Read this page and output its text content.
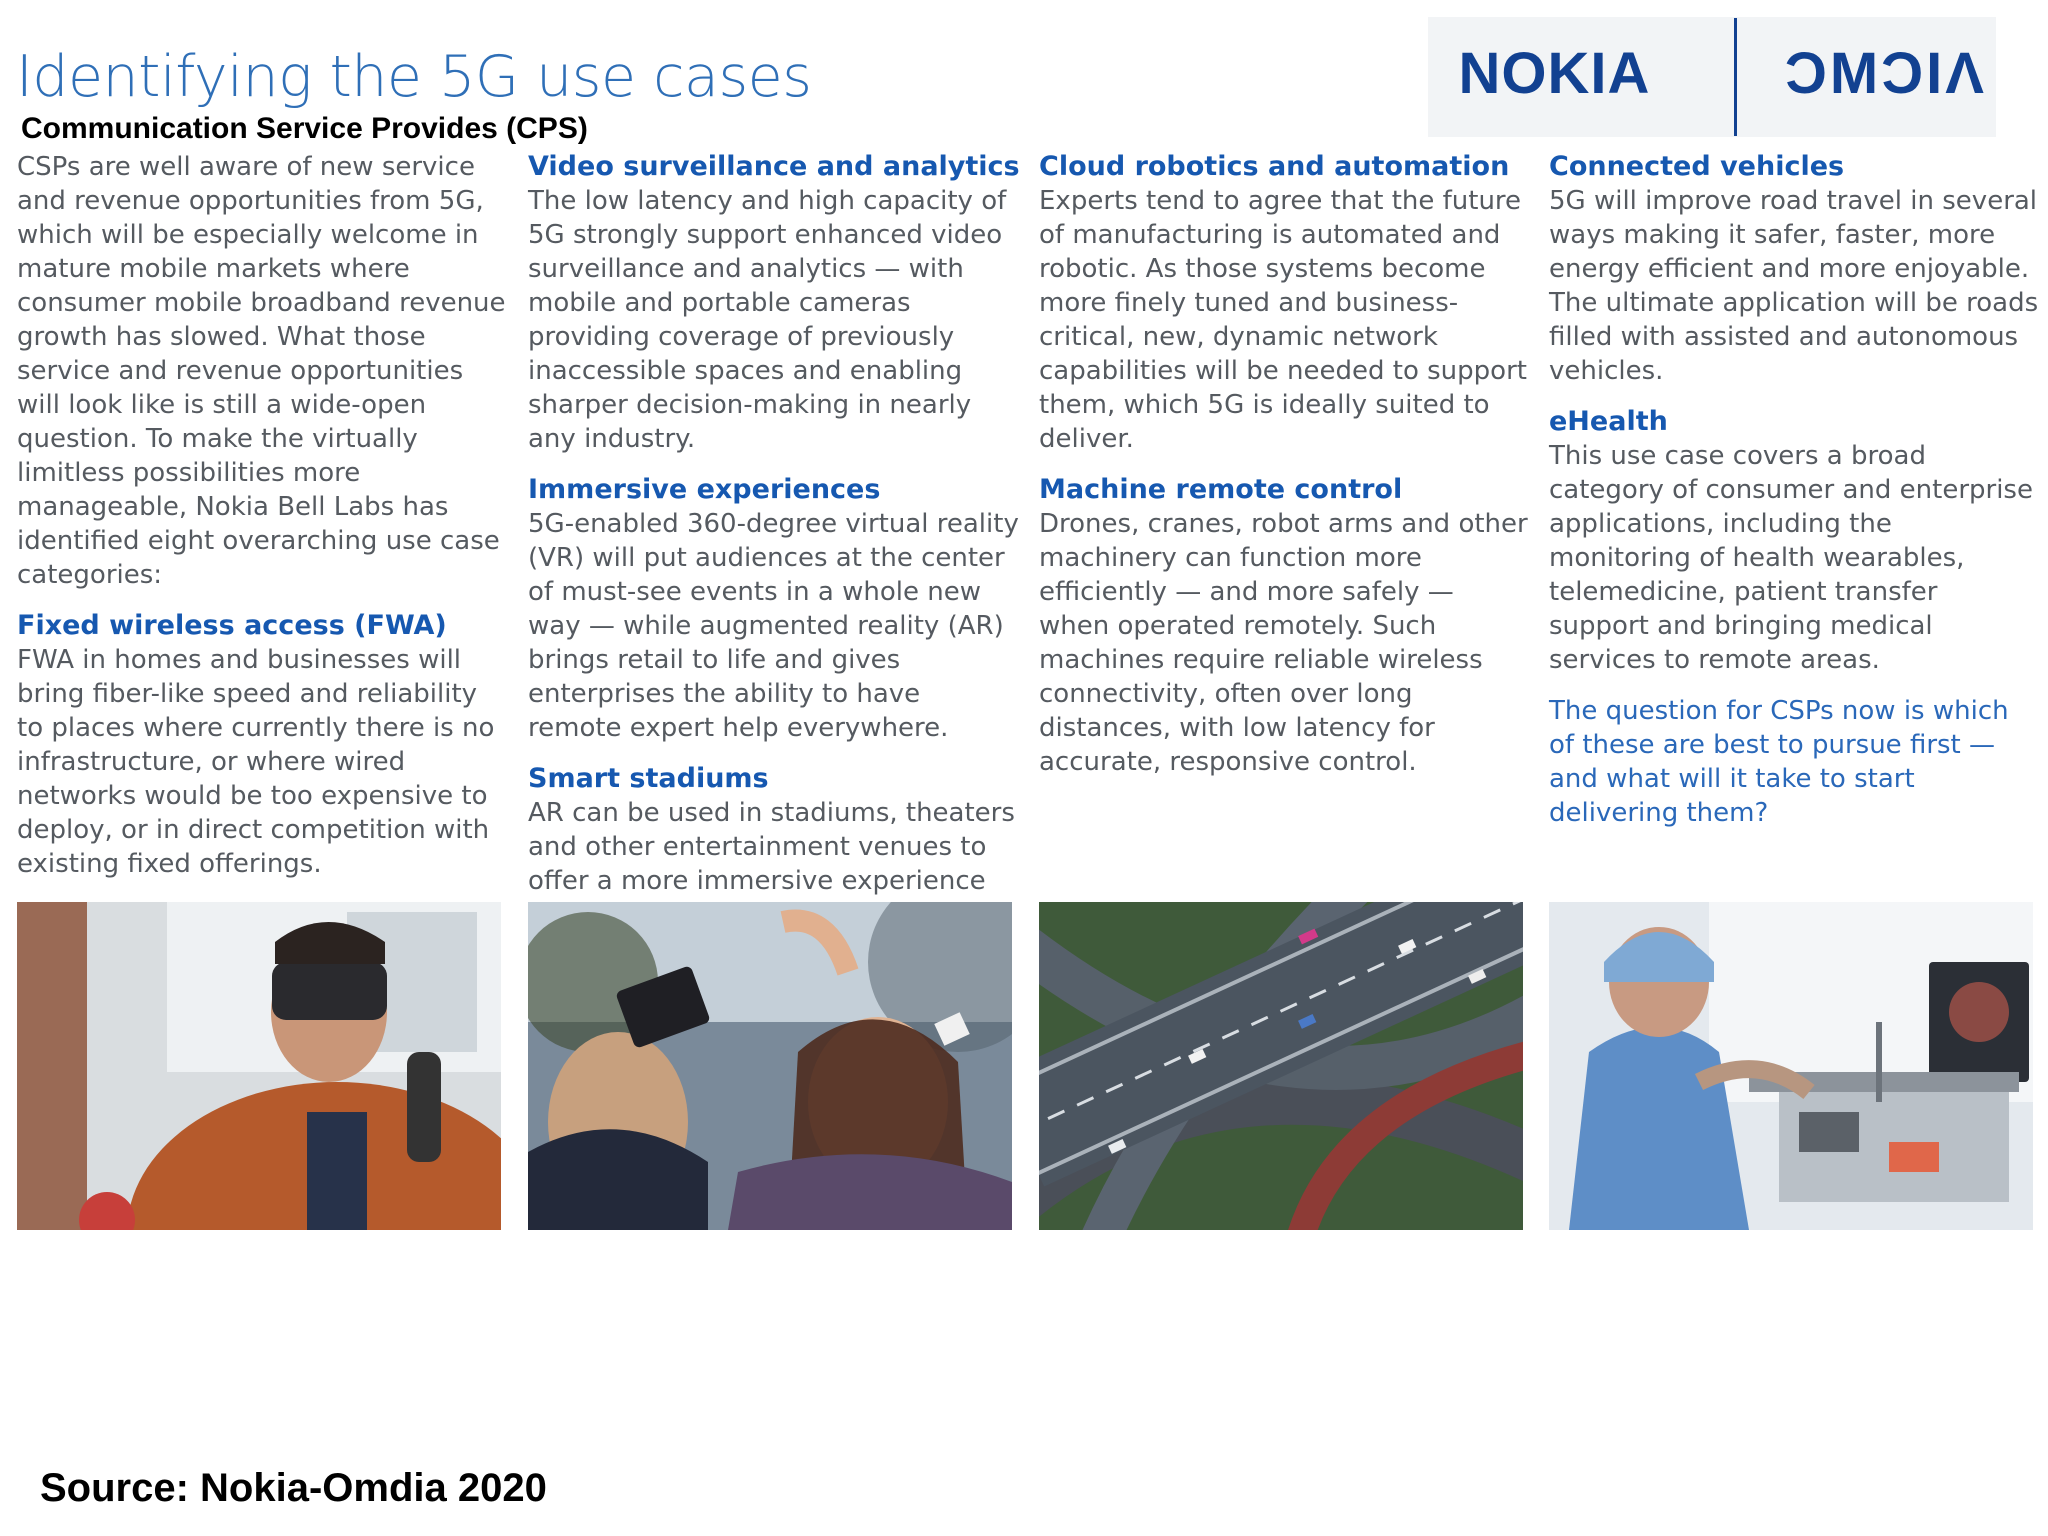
Identifying the 5G use cases
Communication Service Provides (CPS)
NOKIA	ƆMƆIΛ

CSPs are well aware of new service and revenue opportunities from 5G, which will be especially welcome in mature mobile markets where consumer mobile broadband revenue growth has slowed. What those service and revenue opportunities will look like is still a wide-open question. To make the virtually limitless possibilities more manageable, Nokia Bell Labs has identified eight overarching use case categories:

Fixed wireless access (FWA)

FWA in homes and businesses will bring fiber-like speed and reliability to places where currently there is no infrastructure, or where wired networks would be too expensive to deploy, or in direct competition with existing fixed offerings.

Video surveillance and analytics

The low latency and high capacity of 5G strongly support enhanced video surveillance and analytics — with mobile and portable cameras providing coverage of previously inaccessible spaces and enabling sharper decision-making in nearly any industry.

Immersive experiences

5G-enabled 360-degree virtual reality (VR) will put audiences at the center of must-see events in a whole new way — while augmented reality (AR) brings retail to life and gives enterprises the ability to have remote expert help everywhere.

Smart stadiums

AR can be used in stadiums, theaters and other entertainment venues to offer a more immersive experience

Cloud robotics and automation

Experts tend to agree that the future of manufacturing is automated and robotic. As those systems become more finely tuned and business-critical, new, dynamic network capabilities will be needed to support them, which 5G is ideally suited to deliver.

Machine remote control

Drones, cranes, robot arms and other machinery can function more efficiently — and more safely — when operated remotely. Such machines require reliable wireless connectivity, often over long distances, with low latency for accurate, responsive control.

Connected vehicles

5G will improve road travel in several ways making it safer, faster, more energy efficient and more enjoyable. The ultimate application will be roads filled with assisted and autonomous vehicles.

eHealth

This use case covers a broad category of consumer and enterprise applications, including the monitoring of health wearables, telemedicine, patient transfer support and bringing medical services to remote areas.

The question for CSPs now is which of these are best to pursue first — and what will it take to start delivering them?

Source: Nokia-Omdia 2020
